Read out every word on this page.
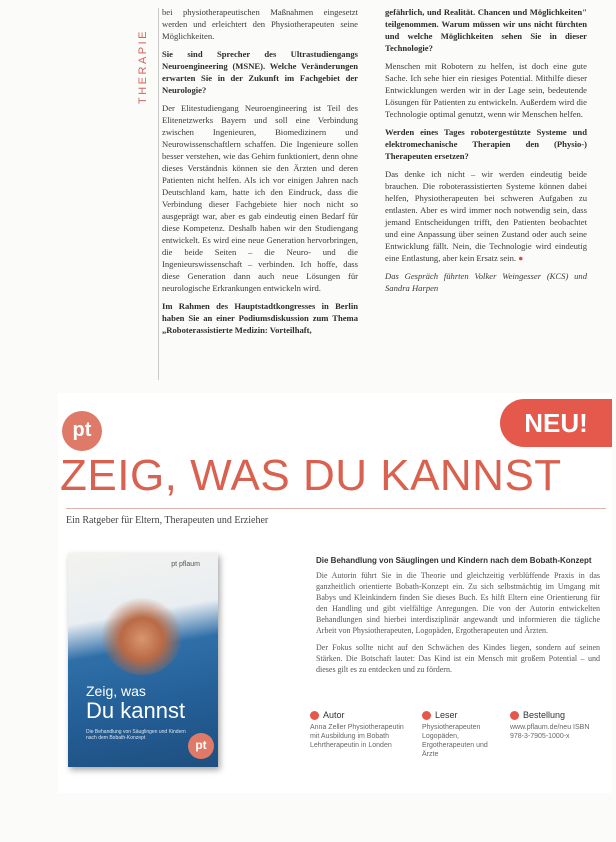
THERAPIE

bei physiotherapeutischen Maßnahmen eingesetzt werden und erleichtert den Physiotherapeuten seine Möglichkeiten.

Sie sind Sprecher des Ultrastudiengangs Neuroengineering (MSNE). Welche Veränderungen erwarten Sie in der Zukunft im Fachgebiet der Neurologie?

Der Elitestudiengang Neuroengineering ist Teil des Elitenetzwerks Bayern und soll eine Verbindung zwischen Ingenieuren, Biomedizinern und Neurowissenschaftlern schaffen. Die Ingenieure sollen besser verstehen, wie das Gehirn funktioniert, denn ohne dieses Verständnis können sie den Ärzten und deren Patienten nicht helfen. Als ich vor einigen Jahren nach Deutschland kam, hatte ich den Eindruck, dass die Verbindung dieser Fachgebiete hier noch nicht so ausgeprägt war, aber es gab eindeutig einen Bedarf für diese Kompetenz. Deshalb haben wir den Studiengang entwickelt. Es wird eine neue Generation hervorbringen, die beide Seiten – die Neuro- und die Ingenieurswissenschaft – verbinden. Ich hoffe, dass diese Generation dann auch neue Lösungen für neurologische Erkrankungen entwickeln wird.

Im Rahmen des Hauptstadtkongresses in Berlin haben Sie an einer Podiumsdiskussion zum Thema „Roboterassistierte Medizin: Vorteilhaft,

gefährlich, und Realität. Chancen und Möglichkeiten" teilgenommen. Warum müssen wir uns nicht fürchten und welche Möglichkeiten sehen Sie in dieser Technologie?

Menschen mit Robotern zu helfen, ist doch eine gute Sache. Ich sehe hier ein riesiges Potential. Mithilfe dieser Entwicklungen werden wir in der Lage sein, bedeutende Lösungen für Patienten zu entwickeln. Außerdem wird die Technologie optimal genutzt, wenn wir Menschen helfen.

Werden eines Tages robotergestützte Systeme und elektromechanische Therapien den (Physio-) Therapeuten ersetzen?

Das denke ich nicht – wir werden eindeutig beide brauchen. Die roboterassistierten Systeme können dabei helfen, Physiotherapeuten bei schweren Aufgaben zu entlasten. Aber es wird immer noch notwendig sein, dass jemand Entscheidungen trifft, den Patienten beobachtet und eine Anpassung über seinen Zustand oder auch seine Entwicklung fällt. Nein, die Technologie wird eindeutig eine Entlastung, aber kein Ersatz sein. ●

Das Gespräch führten Volker Weingesser (KCS) und Sandra Harpen

pt	NEU!
ZEIG, WAS DU KANNST
Ein Ratgeber für Eltern, Therapeuten und Erzieher
pt pflaum
Zeig, was
Du kannst
Die Behandlung von Säuglingen und Kindern nach dem Bobath-Konzept	pt
Die Behandlung von Säuglingen und Kindern nach dem Bobath-Konzept

Die Autorin führt Sie in die Theorie und gleichzeitig verblüffende Praxis in das ganzheitlich orientierte Bobath-Konzept ein. Zu sich selbstmächtig im Umgang mit Babys und Kleinkindern finden Sie dieses Buch. Es hilft Eltern eine Orientierung für den Handling und gibt vielfältige Anregungen. Die von der Autorin entwickelten Behandlungen sind hierbei interdisziplinär angewandt und informieren die tägliche Arbeit von Physiotherapeuten, Logopäden, Ergotherapeuten und Ärzten.

Der Fokus sollte nicht auf den Schwächen des Kindes liegen, sondern auf seinen Stärken. Die Botschaft lautet: Das Kind ist ein Mensch mit großem Potential – und dieses gilt es zu entdecken und zu fördern.

Autor
Anna Zeller Physiotherapeutin mit Ausbildung im Bobath Lehrtherapeutin in Londen
Leser
Physiotherapeuten Logopäden, Ergotherapeuten und Ärzte
Bestellung
www.pflaum.de/neu ISBN 978-3-7905-1000-x
